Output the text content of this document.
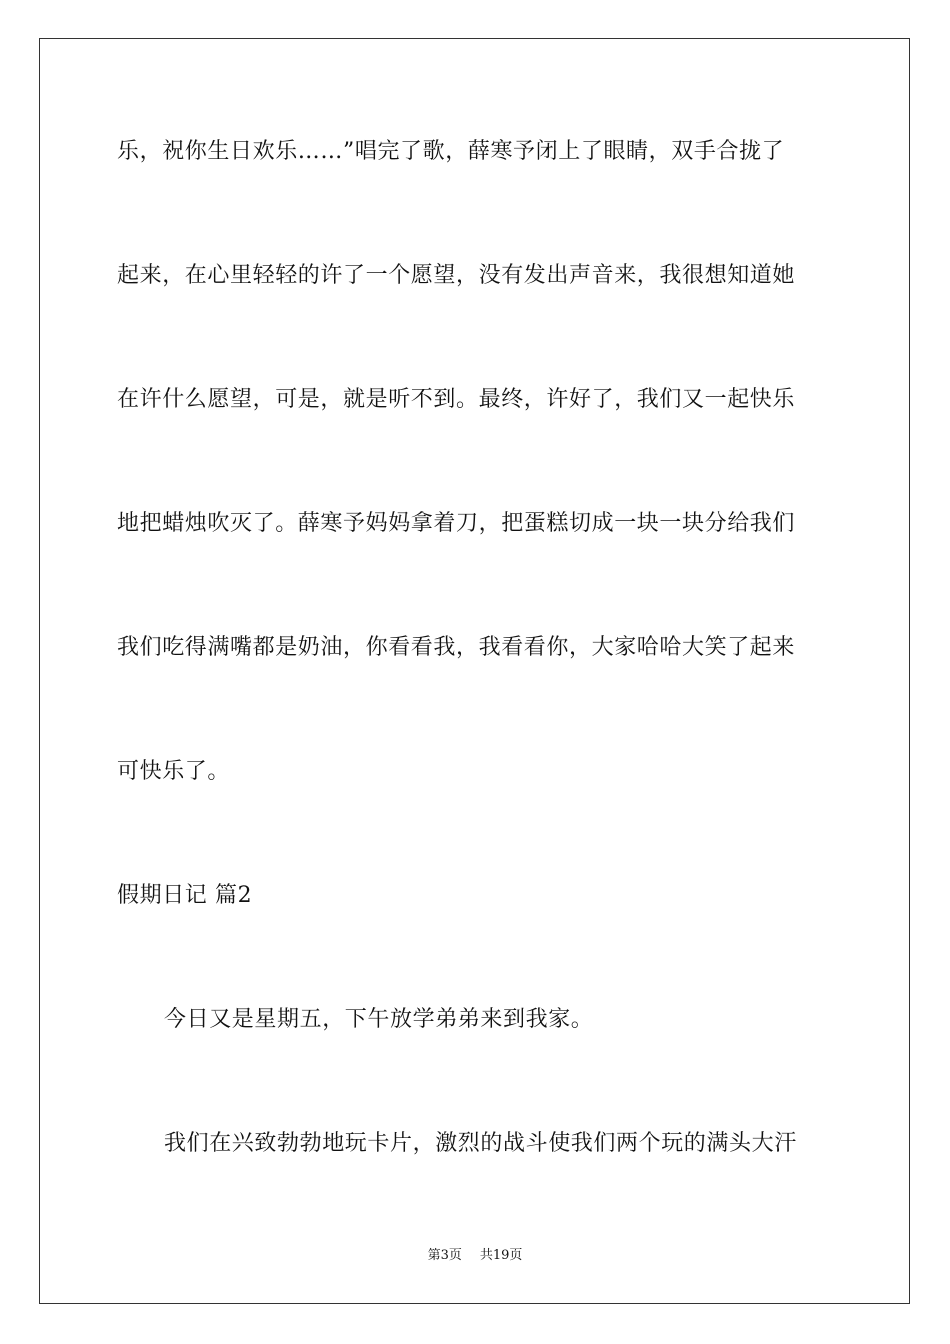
乐，祝你生日欢乐……”唱完了歌，薛寒予闭上了眼睛，双手合拢了
起来，在心里轻轻的许了一个愿望，没有发出声音来，我很想知道她
在许什么愿望，可是，就是听不到。最终，许好了，我们又一起快乐
地把蜡烛吹灭了。薛寒予妈妈拿着刀，把蛋糕切成一块一块分给我们
我们吃得满嘴都是奶油，你看看我，我看看你，大家哈哈大笑了起来
可快乐了。
假期日记 篇2
今日又是星期五，下午放学弟弟来到我家。
我们在兴致勃勃地玩卡片，激烈的战斗使我们两个玩的满头大汗
第3页 共19页
